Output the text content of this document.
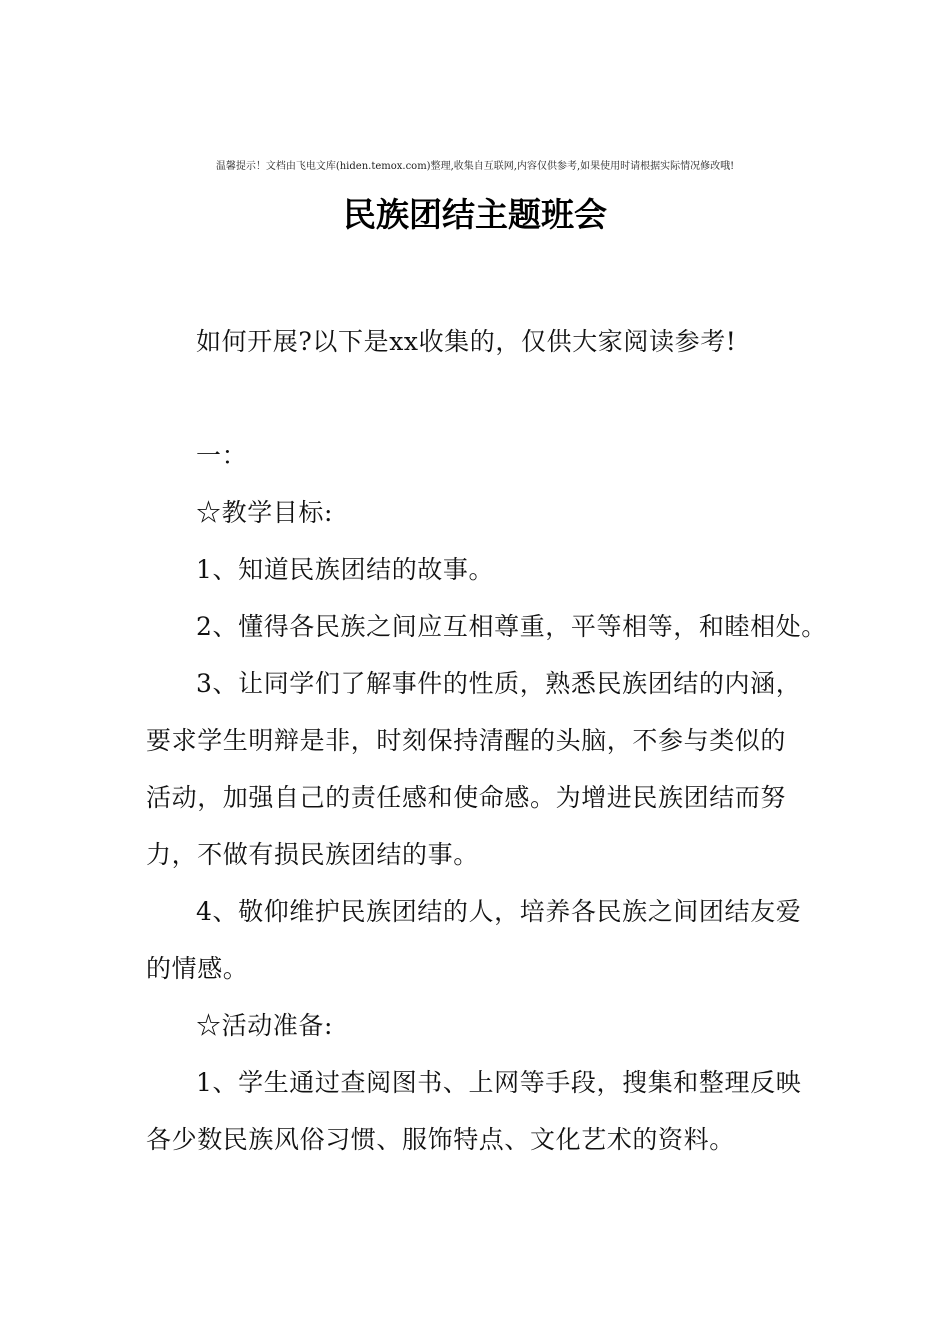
温馨提示！文档由飞电文库(hiden.temox.com)整理,收集自互联网,内容仅供参考,如果使用时请根据实际情况修改哦!
民族团结主题班会
如何开展?以下是xx收集的，仅供大家阅读参考!
一：
☆教学目标:
1、知道民族团结的故事。
2、懂得各民族之间应互相尊重，平等相等，和睦相处。
3、让同学们了解事件的性质，熟悉民族团结的内涵，
要求学生明辩是非，时刻保持清醒的头脑，不参与类似的
活动，加强自己的责任感和使命感。为增进民族团结而努
力，不做有损民族团结的事。
4、敬仰维护民族团结的人，培养各民族之间团结友爱
的情感。
☆活动准备:
1、学生通过查阅图书、上网等手段，搜集和整理反映
各少数民族风俗习惯、服饰特点、文化艺术的资料。
